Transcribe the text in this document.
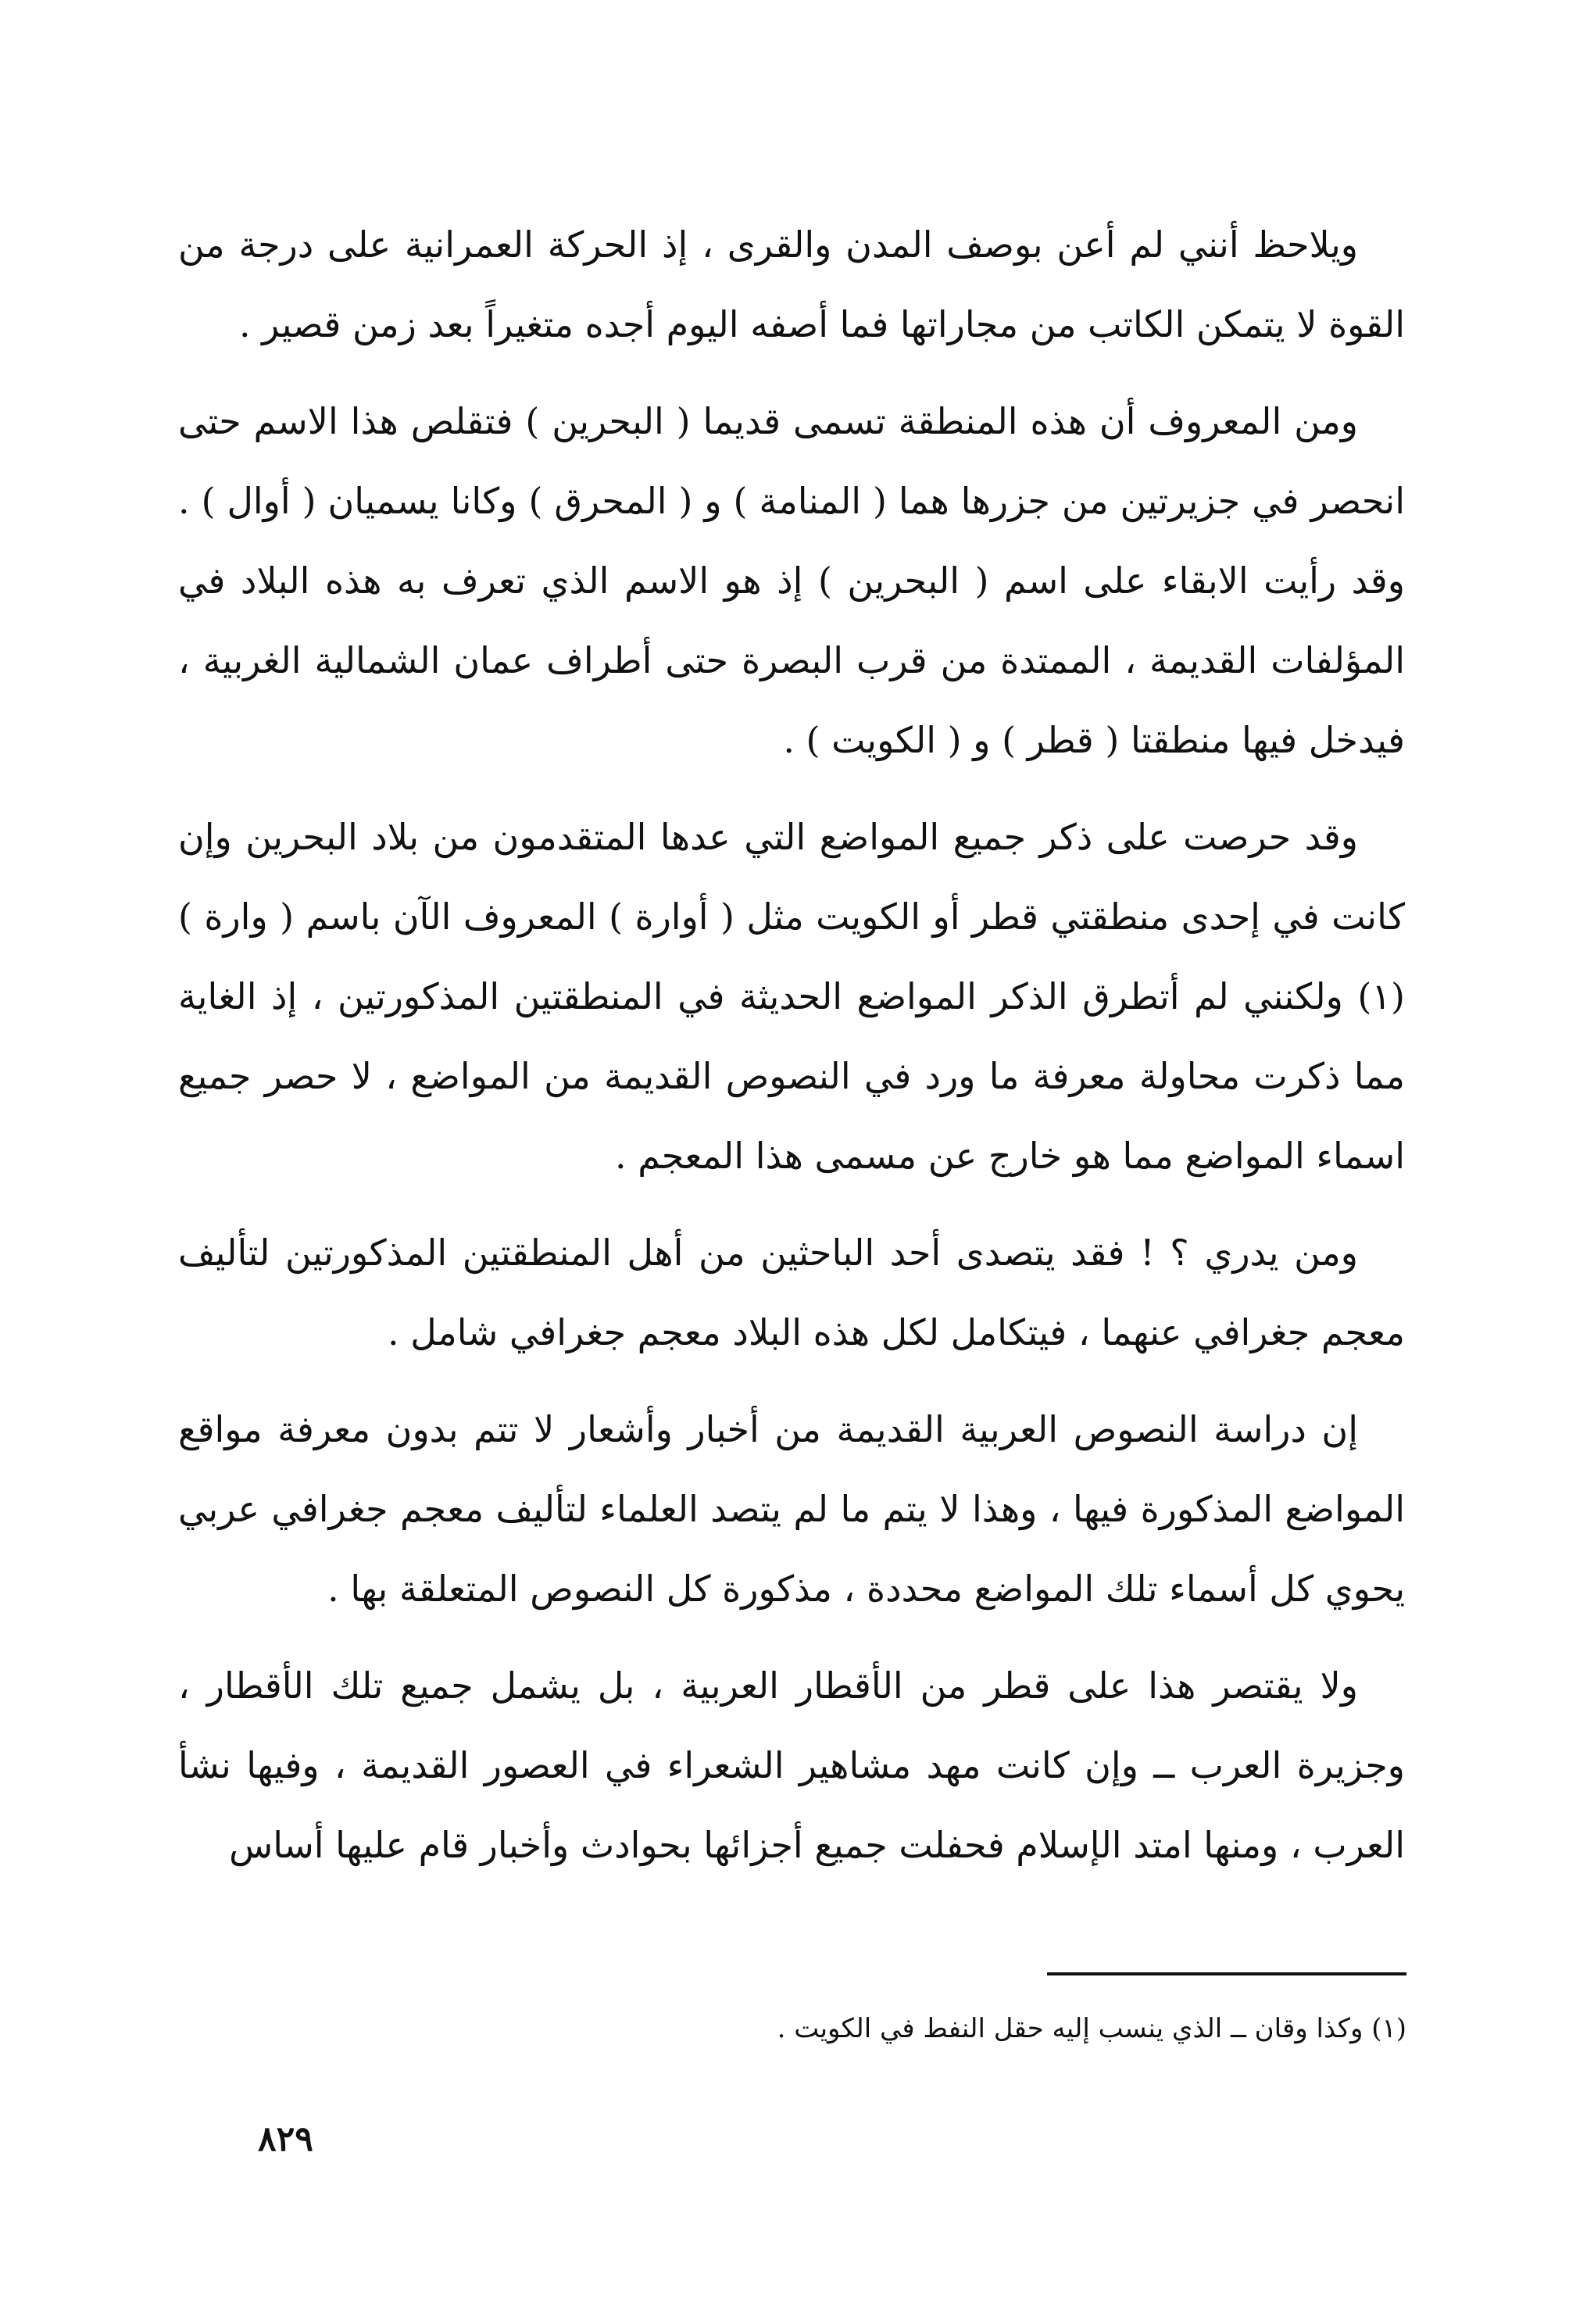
ويلاحظ أنني لم أعن بوصف المدن والقرى ، إذ الحركة العمرانية على درجة من القوة لا يتمكن الكاتب من مجاراتها فما أصفه اليوم أجده متغيراً بعد زمن قصير .

ومن المعروف أن هذه المنطقة تسمى قديما ( البحرين ) فتقلص هذا الاسم حتى انحصر في جزيرتين من جزرها هما ( المنامة ) و ( المحرق ) وكانا يسميان ( أوال ) . وقد رأيت الابقاء على اسم ( البحرين ) إذ هو الاسم الذي تعرف به هذه البلاد في المؤلفات القديمة ، الممتدة من قرب البصرة حتى أطراف عمان الشمالية الغربية ، فيدخل فيها منطقتا ( قطر ) و ( الكويت ) .

وقد حرصت على ذكر جميع المواضع التي عدها المتقدمون من بلاد البحرين وإن كانت في إحدى منطقتي قطر أو الكويت مثل ( أوارة ) المعروف الآن باسم ( وارة ) (١) ولكنني لم أتطرق الذكر المواضع الحديثة في المنطقتين المذكورتين ، إذ الغاية مما ذكرت محاولة معرفة ما ورد في النصوص القديمة من المواضع ، لا حصر جميع اسماء المواضع مما هو خارج عن مسمى هذا المعجم .

ومن يدري ؟ ! فقد يتصدى أحد الباحثين من أهل المنطقتين المذكورتين لتأليف معجم جغرافي عنهما ، فيتكامل لكل هذه البلاد معجم جغرافي شامل .

إن دراسة النصوص العربية القديمة من أخبار وأشعار لا تتم بدون معرفة مواقع المواضع المذكورة فيها ، وهذا لا يتم ما لم يتصد العلماء لتأليف معجم جغرافي عربي يحوي كل أسماء تلك المواضع محددة ، مذكورة كل النصوص المتعلقة بها .

ولا يقتصر هذا على قطر من الأقطار العربية ، بل يشمل جميع تلك الأقطار ، وجزيرة العرب ــ وإن كانت مهد مشاهير الشعراء في العصور القديمة ، وفيها نشأ العرب ، ومنها امتد الإسلام فحفلت جميع أجزائها بحوادث وأخبار قام عليها أساس

(١) وكذا وقان ــ الذي ينسب إليه حقل النفط في الكويت .
٨٢٩
